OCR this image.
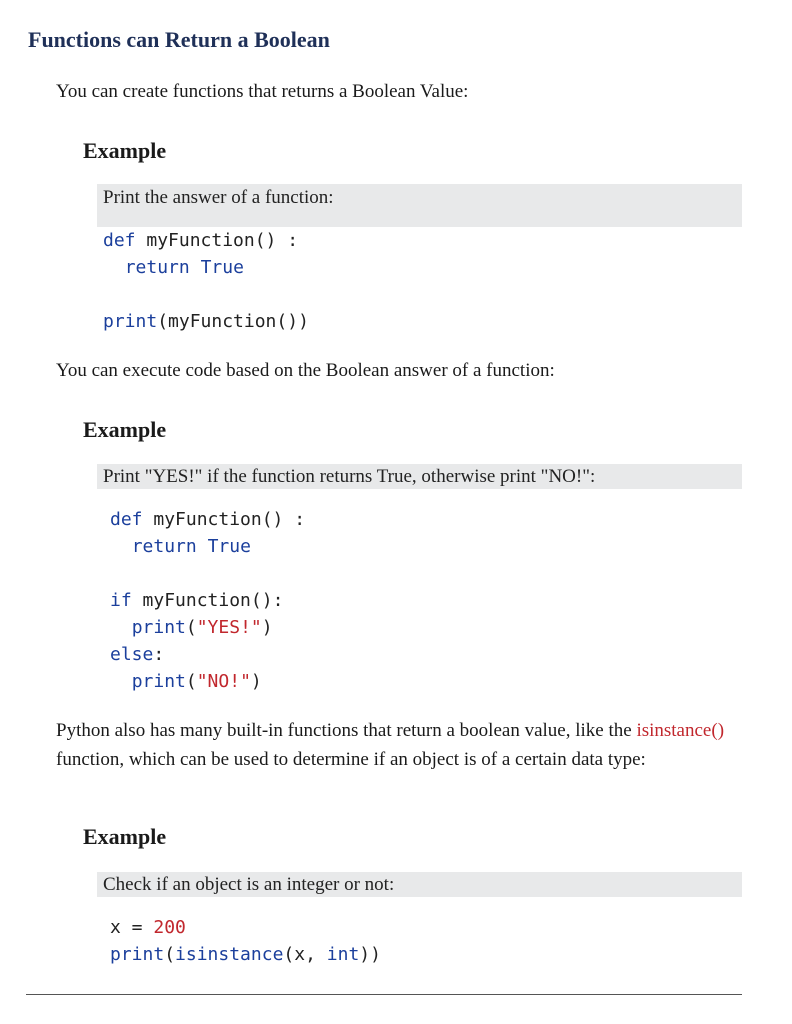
Functions can Return a Boolean

You can create functions that returns a Boolean Value:

Example
Print the answer of a function:
def myFunction() :
return True

print(myFunction())

You can execute code based on the Boolean answer of a function:

Example
Print "YES!" if the function returns True, otherwise print "NO!":
def myFunction() :
return True

if myFunction():
print("YES!")
else:
print("NO!")

Python also has many built-in functions that return a boolean value, like the isinstance() function, which can be used to determine if an object is of a certain data type:

Example
Check if an object is an integer or not:
x = 200
print(isinstance(x, int))
